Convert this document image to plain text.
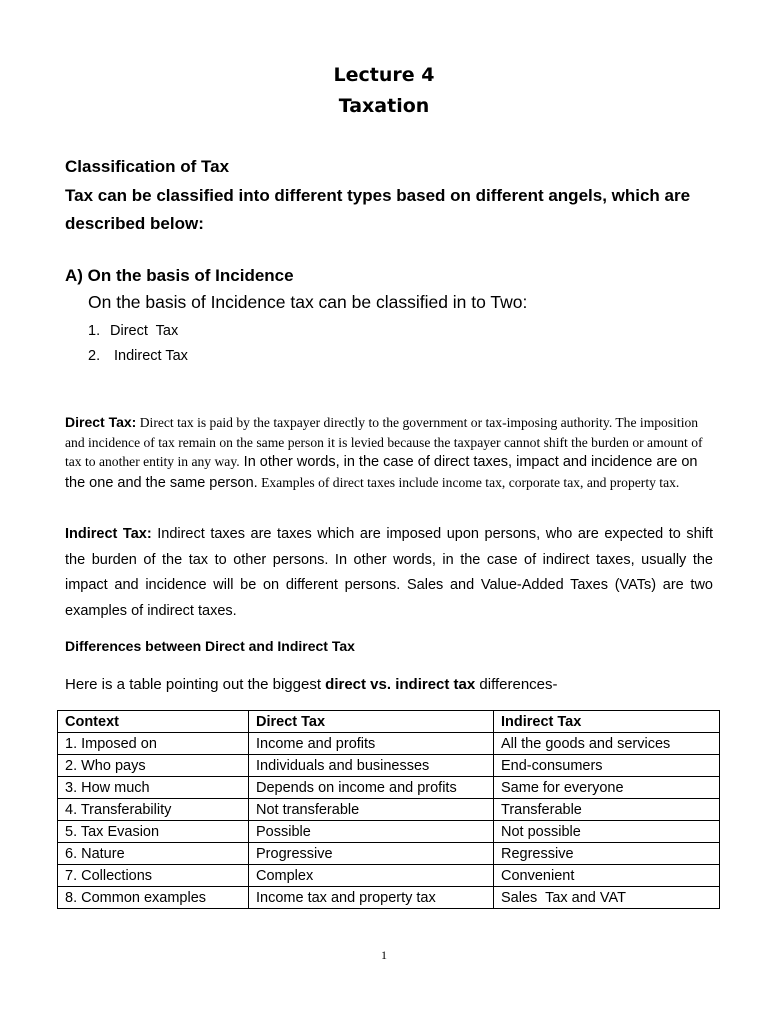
Lecture 4
Taxation
Classification of Tax
Tax can be classified into different types based on different angels, which are described below:
A) On the basis of Incidence
On the basis of Incidence tax can be classified in to Two:
1. Direct  Tax
2. Indirect Tax
Direct Tax: Direct tax is paid by the taxpayer directly to the government or tax-imposing authority. The imposition and incidence of tax remain on the same person it is levied because the taxpayer cannot shift the burden or amount of tax to another entity in any way. In other words, in the case of direct taxes, impact and incidence are on the one and the same person. Examples of direct taxes include income tax, corporate tax, and property tax.
Indirect Tax: Indirect taxes are taxes which are imposed upon persons, who are expected to shift the burden of the tax to other persons. In other words, in the case of indirect taxes, usually the impact and incidence will be on different persons. Sales and Value-Added Taxes (VATs) are two examples of indirect taxes.
Differences between Direct and Indirect Tax
Here is a table pointing out the biggest direct vs. indirect tax differences-
Context	Direct Tax	Indirect Tax
1. Imposed on	Income and profits	All the goods and services
2. Who pays	Individuals and businesses	End-consumers
3. How much	Depends on income and profits	Same for everyone
4. Transferability	Not transferable	Transferable
5. Tax Evasion	Possible	Not possible
6. Nature	Progressive	Regressive
7. Collections	Complex	Convenient
8. Common examples	Income tax and property tax	Sales  Tax and VAT
1
